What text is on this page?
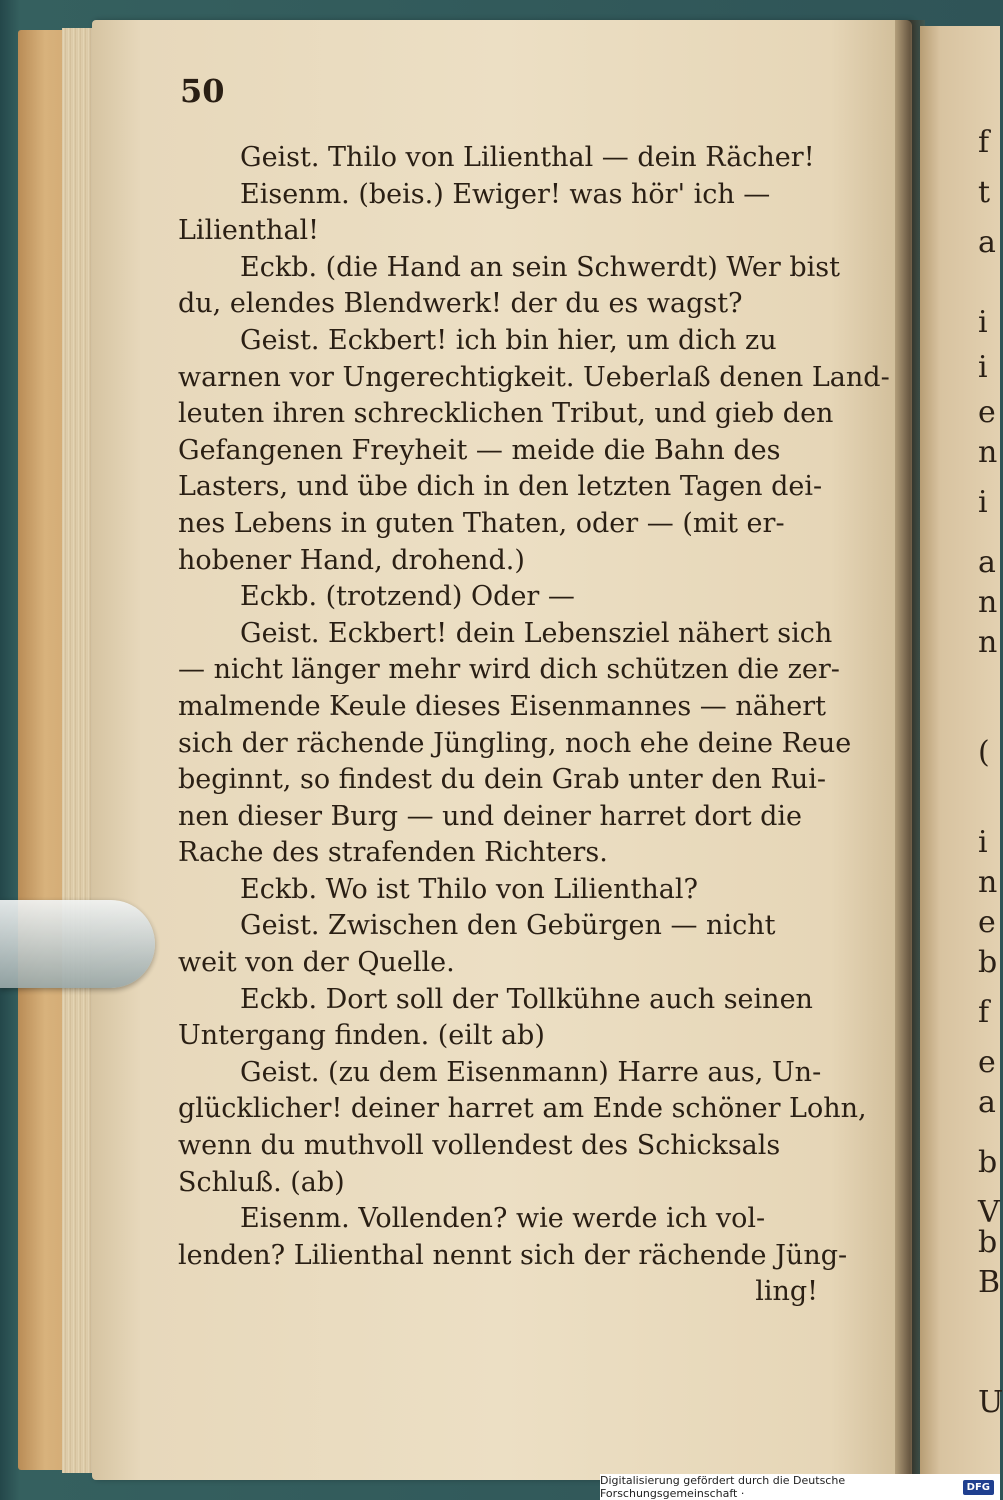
f
t
a
i
i
e
n
i
a
n
n
(
i
n
e
b
f
e
a
b
V
b
B
U
50
Geist. Thilo von Lilienthal — dein Rächer!
Eisenm. (beis.) Ewiger! was hör' ich —
Lilienthal!
Eckb. (die Hand an sein Schwerdt) Wer bist
du, elendes Blendwerk! der du es wagst?
Geist. Eckbert! ich bin hier, um dich zu
warnen vor Ungerechtigkeit. Ueberlaß denen Land-
leuten ihren schrecklichen Tribut, und gieb den
Gefangenen Freyheit — meide die Bahn des
Lasters, und übe dich in den letzten Tagen dei-
nes Lebens in guten Thaten, oder — (mit er-
hobener Hand, drohend.)
Eckb. (trotzend) Oder —
Geist. Eckbert! dein Lebensziel nähert sich
— nicht länger mehr wird dich schützen die zer-
malmende Keule dieses Eisenmannes — nähert
sich der rächende Jüngling, noch ehe deine Reue
beginnt, so findest du dein Grab unter den Rui-
nen dieser Burg — und deiner harret dort die
Rache des strafenden Richters.
Eckb. Wo ist Thilo von Lilienthal?
Geist. Zwischen den Gebürgen — nicht
weit von der Quelle.
Eckb. Dort soll der Tollkühne auch seinen
Untergang finden. (eilt ab)
Geist. (zu dem Eisenmann) Harre aus, Un-
glücklicher! deiner harret am Ende schöner Lohn,
wenn du muthvoll vollendest des Schicksals
Schluß. (ab)
Eisenm. Vollenden? wie werde ich vol-
lenden? Lilienthal nennt sich der rächende Jüng-
ling!
Digitalisierung gefördert durch die Deutsche Forschungsgemeinschaft ·	DFG
